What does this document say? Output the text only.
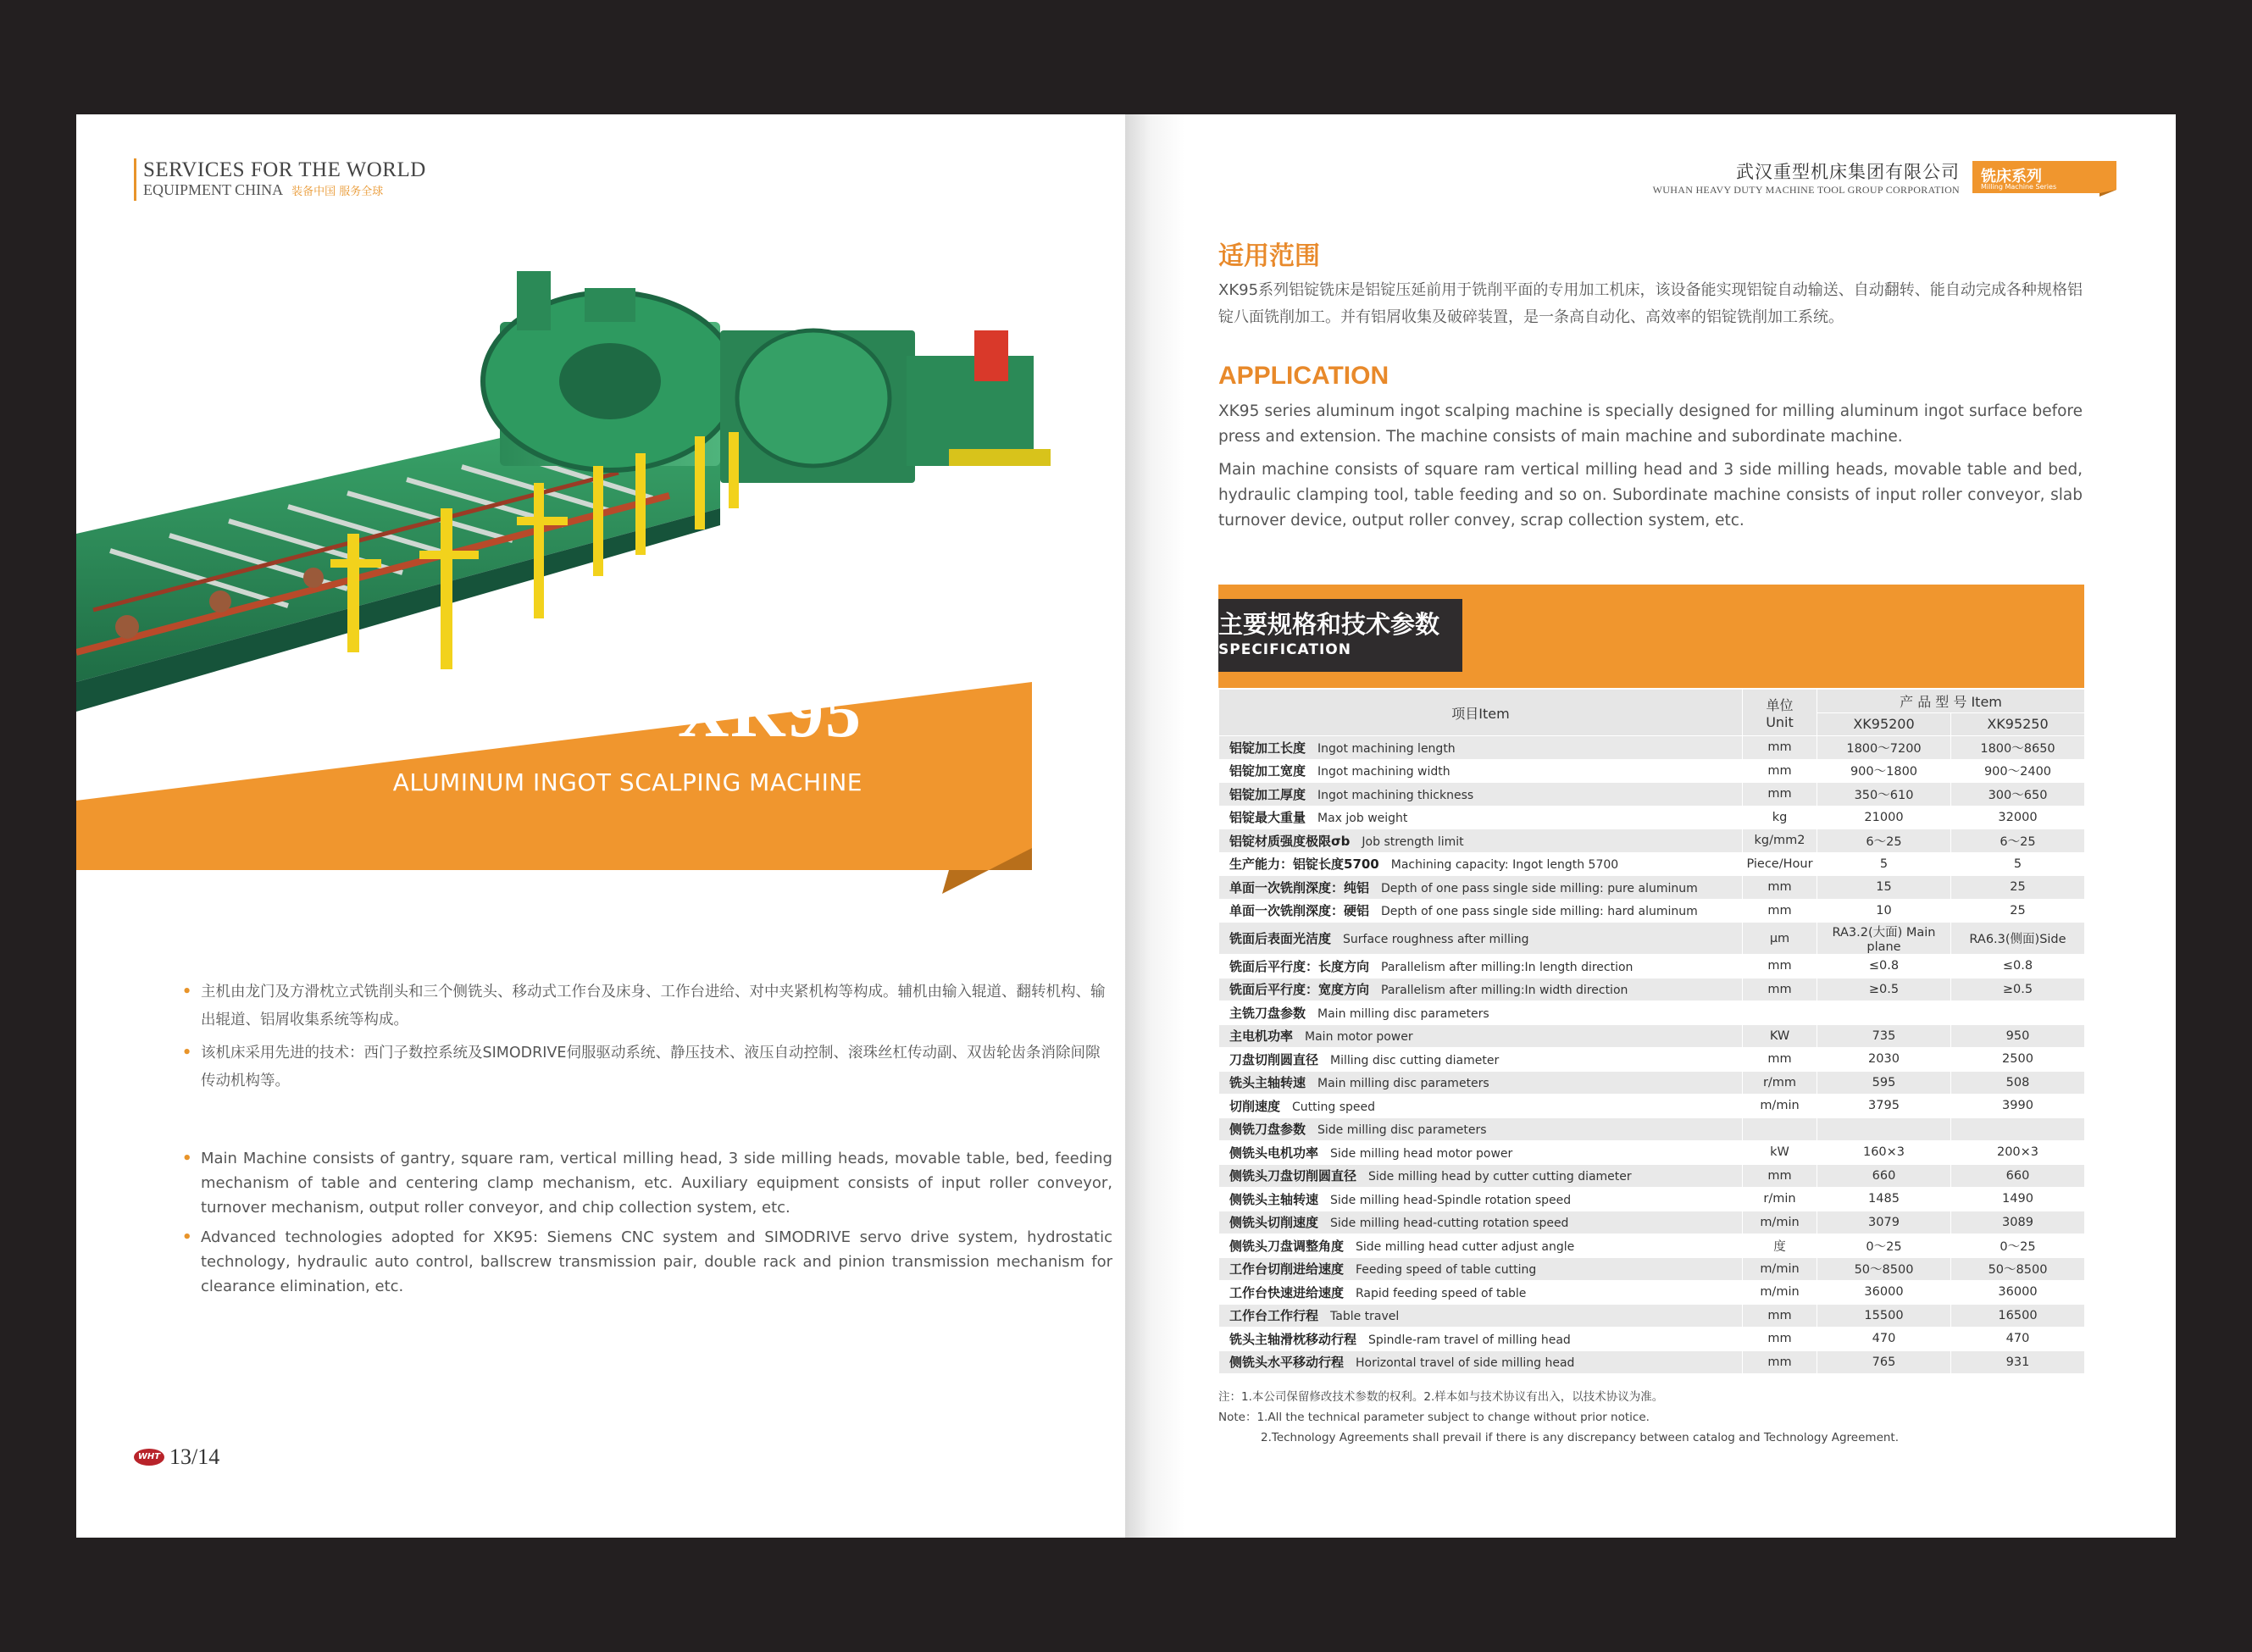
SERVICES FOR THE WORLD
EQUIPMENT CHINA 装备中国 服务全球
铝锭铣床
XK95
ALUMINUM INGOT SCALPING MACHINE
• 主机由龙门及方滑枕立式铣削头和三个侧铣头、移动式工作台及床身、工作台进给、对中夹紧机构等构成。辅机由输入辊道、翻转机构、输出辊道、铝屑收集系统等构成。
• 该机床采用先进的技术：西门子数控系统及SIMODRIVE伺服驱动系统、静压技术、液压自动控制、滚珠丝杠传动副、双齿轮齿条消除间隙传动机构等。
• Main Machine consists of gantry, square ram, vertical milling head, 3 side milling heads, movable table, bed, feeding mechanism of table and centering clamp mechanism, etc. Auxiliary equipment consists of input roller conveyor, turnover mechanism, output roller conveyor, and chip collection system, etc.
• Advanced technologies adopted for XK95: Siemens CNC system and SIMODRIVE servo drive system, hydrostatic technology, hydraulic auto control, ballscrew transmission pair, double rack and pinion transmission mechanism for clearance elimination, etc.
WHT 13/14
武汉重型机床集团有限公司
WUHAN HEAVY DUTY MACHINE TOOL GROUP CORPORATION
铣床系列
Milling Machine Series
适用范围
XK95系列铝锭铣床是铝锭压延前用于铣削平面的专用加工机床，该设备能实现铝锭自动输送、自动翻转、能自动完成各种规格铝锭八面铣削加工。并有铝屑收集及破碎装置，是一条高自动化、高效率的铝锭铣削加工系统。
APPLICATION
XK95 series aluminum ingot scalping machine is specially designed for milling aluminum ingot surface before press and extension. The machine consists of main machine and subordinate machine.
Main machine consists of square ram vertical milling head and 3 side milling heads, movable table and bed, hydraulic clamping tool, table feeding and so on. Subordinate machine consists of input roller conveyor, slab turnover device, output roller convey, scrap collection system, etc.
主要规格和技术参数
SPECIFICATION
项目Item	单位
Unit	产 品 型 号 Item	
		XK95200	XK95250
铝锭加工长度 Ingot machining length	mm	1800～7200	1800～8650
铝锭加工宽度 Ingot machining width	mm	900～1800	900～2400
铝锭加工厚度 Ingot machining thickness	mm	350～610	300～650
铝锭最大重量 Max job weight	kg	21000	32000
铝锭材质强度极限σb Job strength limit	kg/mm2	6～25	6～25
生产能力：铝锭长度5700 Machining capacity: Ingot length 5700	Piece/Hour	5	5
单面一次铣削深度：纯铝 Depth of one pass single side milling: pure aluminum	mm	15	25
单面一次铣削深度：硬铝 Depth of one pass single side milling: hard aluminum	mm	10	25
铣面后表面光洁度 Surface roughness after milling	μm	RA3.2(大面) Main plane	RA6.3(侧面)Side
铣面后平行度：长度方向 Parallelism after milling:In length direction	mm	≤0.8	≤0.8
铣面后平行度：宽度方向 Parallelism after milling:In width direction	mm	≥0.5	≥0.5
主铣刀盘参数 Main milling disc parameters			
主电机功率 Main motor power	KW	735	950
刀盘切削圆直径 Milling disc cutting diameter	mm	2030	2500
铣头主轴转速 Main milling disc parameters	r/mm	595	508
切削速度 Cutting speed	m/min	3795	3990
侧铣刀盘参数 Side milling disc parameters			
侧铣头电机功率 Side milling head motor power	kW	160×3	200×3
侧铣头刀盘切削圆直径 Side milling head by cutter cutting diameter	mm	660	660
侧铣头主轴转速 Side milling head-Spindle rotation speed	r/min	1485	1490
侧铣头切削速度 Side milling head-cutting rotation speed	m/min	3079	3089
侧铣头刀盘调整角度 Side milling head cutter adjust angle	度	0～25	0～25
工作台切削进给速度 Feeding speed of table cutting	m/min	50～8500	50～8500
工作台快速进给速度 Rapid feeding speed of table	m/min	36000	36000
工作台工作行程 Table travel	mm	15500	16500
铣头主轴滑枕移动行程 Spindle-ram travel of milling head	mm	470	470
侧铣头水平移动行程 Horizontal travel of side milling head	mm	765	931
注：1.本公司保留修改技术参数的权利。2.样本如与技术协议有出入，以技术协议为准。
Note：1.All the technical parameter subject to change without prior notice.
2.Technology Agreements shall prevail if there is any discrepancy between catalog and Technology Agreement.
